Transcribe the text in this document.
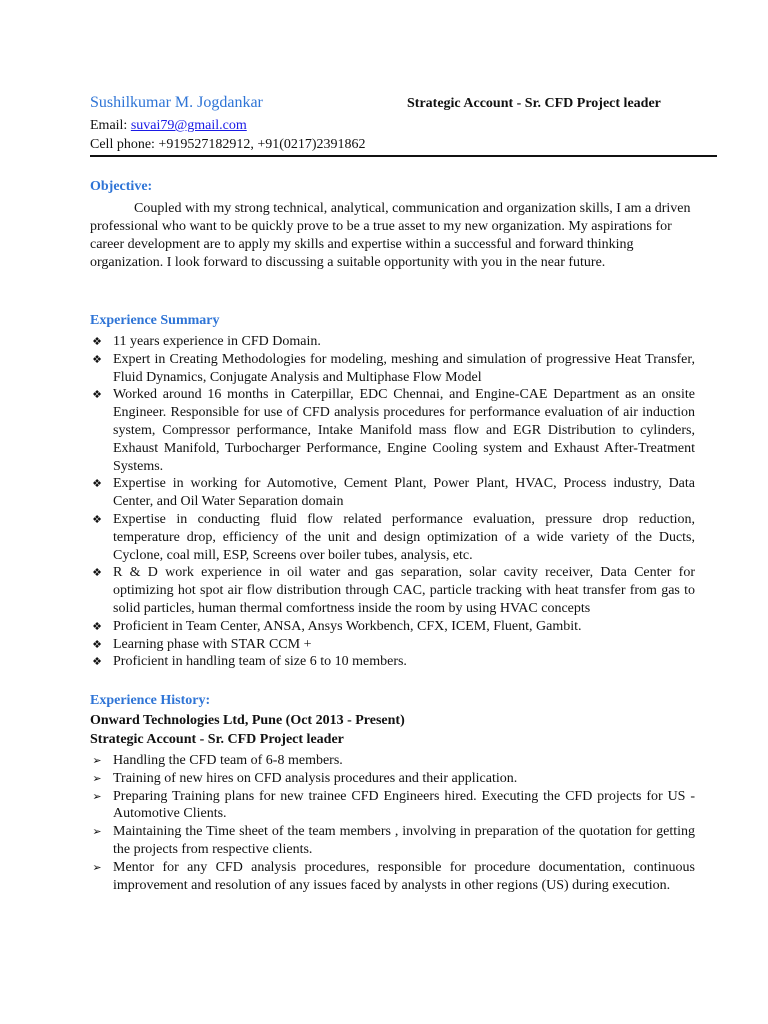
Sushilkumar M. Jogdankar	Strategic Account - Sr. CFD Project leader
Email: suvai79@gmail.com
Cell phone: +919527182912, +91(0217)2391862
Objective:
Coupled with my strong technical, analytical, communication and organization skills, I am a driven professional who want to be quickly prove to be a true asset to my new organization. My aspirations for career development are to apply my skills and expertise within a successful and forward thinking organization. I look forward to discussing a suitable opportunity with you in the near future.
Experience Summary
❖ 11 years experience in CFD Domain.
❖ Expert in Creating Methodologies for modeling, meshing and simulation of progressive Heat Transfer, Fluid Dynamics, Conjugate Analysis and Multiphase Flow Model
❖ Worked around 16 months in Caterpillar, EDC Chennai, and Engine-CAE Department as an onsite Engineer. Responsible for use of CFD analysis procedures for performance evaluation of air induction system, Compressor performance, Intake Manifold mass flow and EGR Distribution to cylinders, Exhaust Manifold, Turbocharger Performance, Engine Cooling system and Exhaust After-Treatment Systems.
❖ Expertise in working for Automotive, Cement Plant, Power Plant, HVAC, Process industry, Data Center, and Oil Water Separation domain
❖ Expertise in conducting fluid flow related performance evaluation, pressure drop reduction, temperature drop, efficiency of the unit and design optimization of a wide variety of the Ducts, Cyclone, coal mill, ESP, Screens over boiler tubes, analysis, etc.
❖ R & D work experience in oil water and gas separation, solar cavity receiver, Data Center for optimizing hot spot air flow distribution through CAC, particle tracking with heat transfer from gas to solid particles, human thermal comfortness inside the room by using HVAC concepts
❖ Proficient in Team Center, ANSA, Ansys Workbench, CFX, ICEM, Fluent, Gambit.
❖ Learning phase with STAR CCM +
❖ Proficient in handling team of size 6 to 10 members.
Experience History:
Onward Technologies Ltd, Pune (Oct 2013 - Present)
Strategic Account - Sr. CFD Project leader
➢ Handling the CFD team of 6-8 members.
➢ Training of new hires on CFD analysis procedures and their application.
➢ Preparing Training plans for new trainee CFD Engineers hired. Executing the CFD projects for US - Automotive Clients.
➢ Maintaining the Time sheet of the team members , involving in preparation of the quotation for getting the projects from respective clients.
➢ Mentor for any CFD analysis procedures, responsible for procedure documentation, continuous improvement and resolution of any issues faced by analysts in other regions (US) during execution.
